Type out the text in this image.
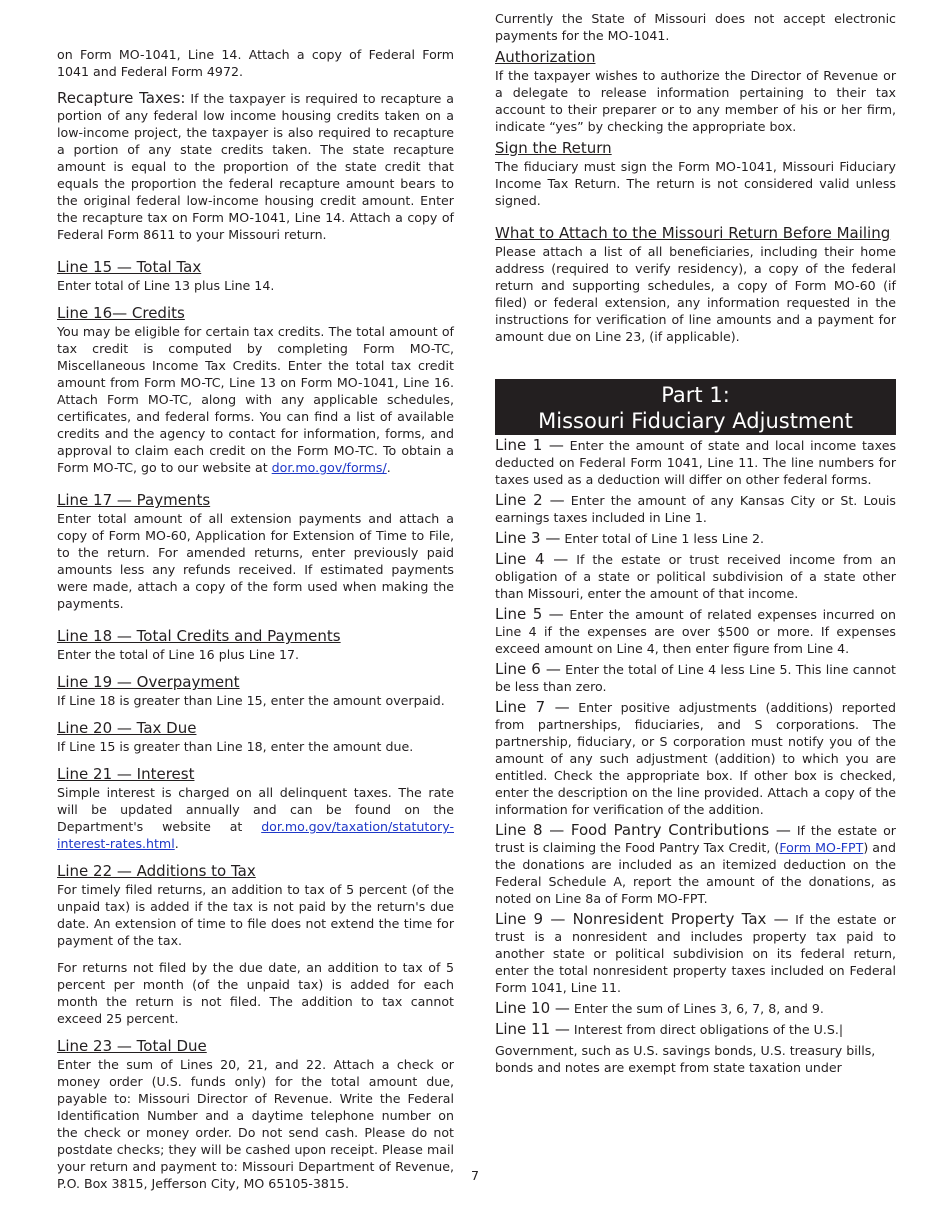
on Form MO-1041, Line 14. Attach a copy of Federal Form 1041 and Federal Form 4972.

Recapture Taxes: If the taxpayer is required to recapture a portion of any federal low income housing credits taken on a low-income project, the taxpayer is also required to recapture a portion of any state credits taken. The state recapture amount is equal to the proportion of the state credit that equals the proportion the federal recapture amount bears to the original federal low-income housing credit amount. Enter the recapture tax on Form MO-1041, Line 14. Attach a copy of Federal Form 8611 to your Missouri return.

Line 15 — Total Tax

Enter total of Line 13 plus Line 14.

Line 16— Credits

You may be eligible for certain tax credits. The total amount of tax credit is computed by completing Form MO-TC, Miscellaneous Income Tax Credits. Enter the total tax credit amount from Form MO-TC, Line 13 on Form MO-1041, Line 16. Attach Form MO-TC, along with any applicable schedules, certificates, and federal forms. You can find a list of available credits and the agency to contact for information, forms, and approval to claim each credit on the Form MO-TC. To obtain a Form MO-TC, go to our website at dor.mo.gov/forms/.

Line 17 — Payments

Enter total amount of all extension payments and attach a copy of Form MO-60, Application for Extension of Time to File, to the return. For amended returns, enter previously paid amounts less any refunds received. If estimated payments were made, attach a copy of the form used when making the payments.

Line 18 — Total Credits and Payments

Enter the total of Line 16 plus Line 17.

Line 19 — Overpayment

If Line 18 is greater than Line 15, enter the amount overpaid.

Line 20 — Tax Due

If Line 15 is greater than Line 18, enter the amount due.

Line 21 — Interest

Simple interest is charged on all delinquent taxes. The rate will be updated annually and can be found on the Department's website at dor.mo.gov/taxation/statutory-interest-rates.html.

Line 22 — Additions to Tax

For timely filed returns, an addition to tax of 5 percent (of the unpaid tax) is added if the tax is not paid by the return's due date. An extension of time to file does not extend the time for payment of the tax.

For returns not filed by the due date, an addition to tax of 5 percent per month (of the unpaid tax) is added for each month the return is not filed. The addition to tax cannot exceed 25 percent.

Line 23 — Total Due

Enter the sum of Lines 20, 21, and 22. Attach a check or money order (U.S. funds only) for the total amount due, payable to: Missouri Director of Revenue. Write the Federal Identification Number and a daytime telephone number on the check or money order. Do not send cash. Please do not postdate checks; they will be cashed upon receipt. Please mail your return and payment to: Missouri Department of Revenue, P.O. Box 3815, Jefferson City, MO 65105-3815.

Currently the State of Missouri does not accept electronic payments for the MO-1041.

Authorization

If the taxpayer wishes to authorize the Director of Revenue or a delegate to release information pertaining to their tax account to their preparer or to any member of his or her firm, indicate “yes” by checking the appropriate box.

Sign the Return

The fiduciary must sign the Form MO-1041, Missouri Fiduciary Income Tax Return. The return is not considered valid unless signed.

What to Attach to the Missouri Return Before Mailing

Please attach a list of all beneficiaries, including their home address (required to verify residency), a copy of the federal return and supporting schedules, a copy of Form MO-60 (if filed) or federal extension, any information requested in the instructions for verification of line amounts and a payment for amount due on Line 23, (if applicable).

Part 1:
Missouri Fiduciary Adjustment

Line 1 — Enter the amount of state and local income taxes deducted on Federal Form 1041, Line 11. The line numbers for taxes used as a deduction will differ on other federal forms.

Line 2 — Enter the amount of any Kansas City or St. Louis earnings taxes included in Line 1.

Line 3 — Enter total of Line 1 less Line 2.

Line 4 — If the estate or trust received income from an obligation of a state or political subdivision of a state other than Missouri, enter the amount of that income.

Line 5 — Enter the amount of related expenses incurred on Line 4 if the expenses are over $500 or more. If expenses exceed amount on Line 4, then enter figure from Line 4.

Line 6 — Enter the total of Line 4 less Line 5. This line cannot be less than zero.

Line 7 — Enter positive adjustments (additions) reported from partnerships, fiduciaries, and S corporations. The partnership, fiduciary, or S corporation must notify you of the amount of any such adjustment (addition) to which you are entitled. Check the appropriate box. If other box is checked, enter the description on the line provided. Attach a copy of the information for verification of the addition.

Line 8 — Food Pantry Contributions — If the estate or trust is claiming the Food Pantry Tax Credit, (Form MO-FPT) and the donations are included as an itemized deduction on the Federal Schedule A, report the amount of the donations, as noted on Line 8a of Form MO-FPT.

Line 9 — Nonresident Property Tax — If the estate or trust is a nonresident and includes property tax paid to another state or political subdivision on its federal return, enter the total nonresident property taxes included on Federal Form 1041, Line 11.

Line 10 — Enter the sum of Lines 3, 6, 7, 8, and 9.

Line 11 — Interest from direct obligations of the U.S.|

Government, such as U.S. savings bonds, U.S. treasury bills, bonds and notes are exempt from state taxation under

7
